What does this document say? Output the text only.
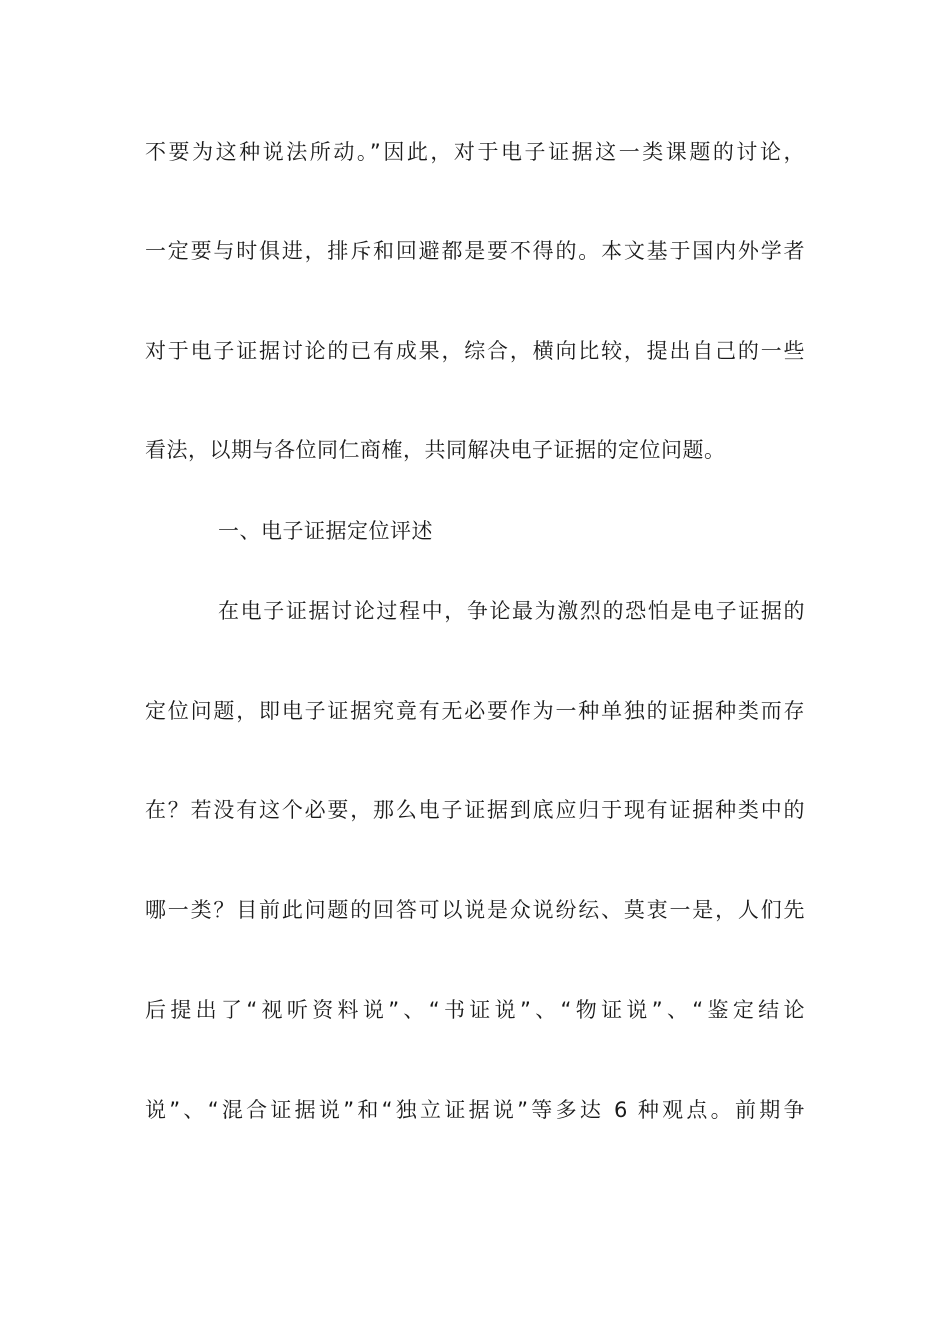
不要为这种说法所动。”因此，对于电子证据这一类课题的讨论，
一定要与时俱进，排斥和回避都是要不得的。本文基于国内外学者
对于电子证据讨论的已有成果，综合，横向比较，提出自己的一些
看法，以期与各位同仁商榷，共同解决电子证据的定位问题。
一、电子证据定位评述
在电子证据讨论过程中，争论最为激烈的恐怕是电子证据的
定位问题，即电子证据究竟有无必要作为一种单独的证据种类而存
在？若没有这个必要，那么电子证据到底应归于现有证据种类中的
哪一类？目前此问题的回答可以说是众说纷纭、莫衷一是，人们先
后提出了“视听资料说”、“书证说”、“物证说”、“鉴定结论
说”、“混合证据说”和“独立证据说”等多达 6 种观点。前期争
